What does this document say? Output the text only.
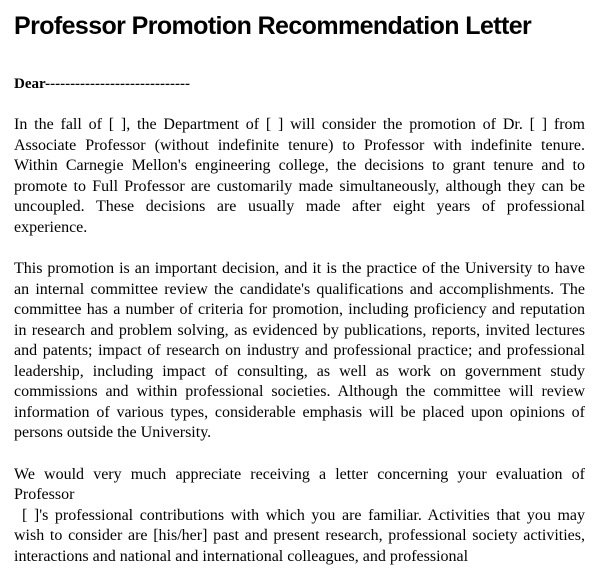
Professor Promotion Recommendation Letter

Dear-----------------------------

In the fall of [ ], the Department of [ ] will consider the promotion of Dr. [ ] from Associate Professor (without indefinite tenure) to Professor with indefinite tenure. Within Carnegie Mellon's engineering college, the decisions to grant tenure and to promote to Full Professor are customarily made simultaneously, although they can be uncoupled. These decisions are usually made after eight years of professional experience.

This promotion is an important decision, and it is the practice of the University to have an internal committee review the candidate's qualifications and accomplishments. The committee has a number of criteria for promotion, including proficiency and reputation in research and problem solving, as evidenced by publications, reports, invited lectures and patents; impact of research on industry and professional practice; and professional leadership, including impact of consulting, as well as work on government study commissions and within professional societies. Although the committee will review information of various types, considerable emphasis will be placed upon opinions of persons outside the University.

We would very much appreciate receiving a letter concerning your evaluation of Professor
[ ]'s professional contributions with which you are familiar. Activities that you may wish to consider are [his/her] past and present research, professional society activities, interactions and national and international colleagues, and professional
